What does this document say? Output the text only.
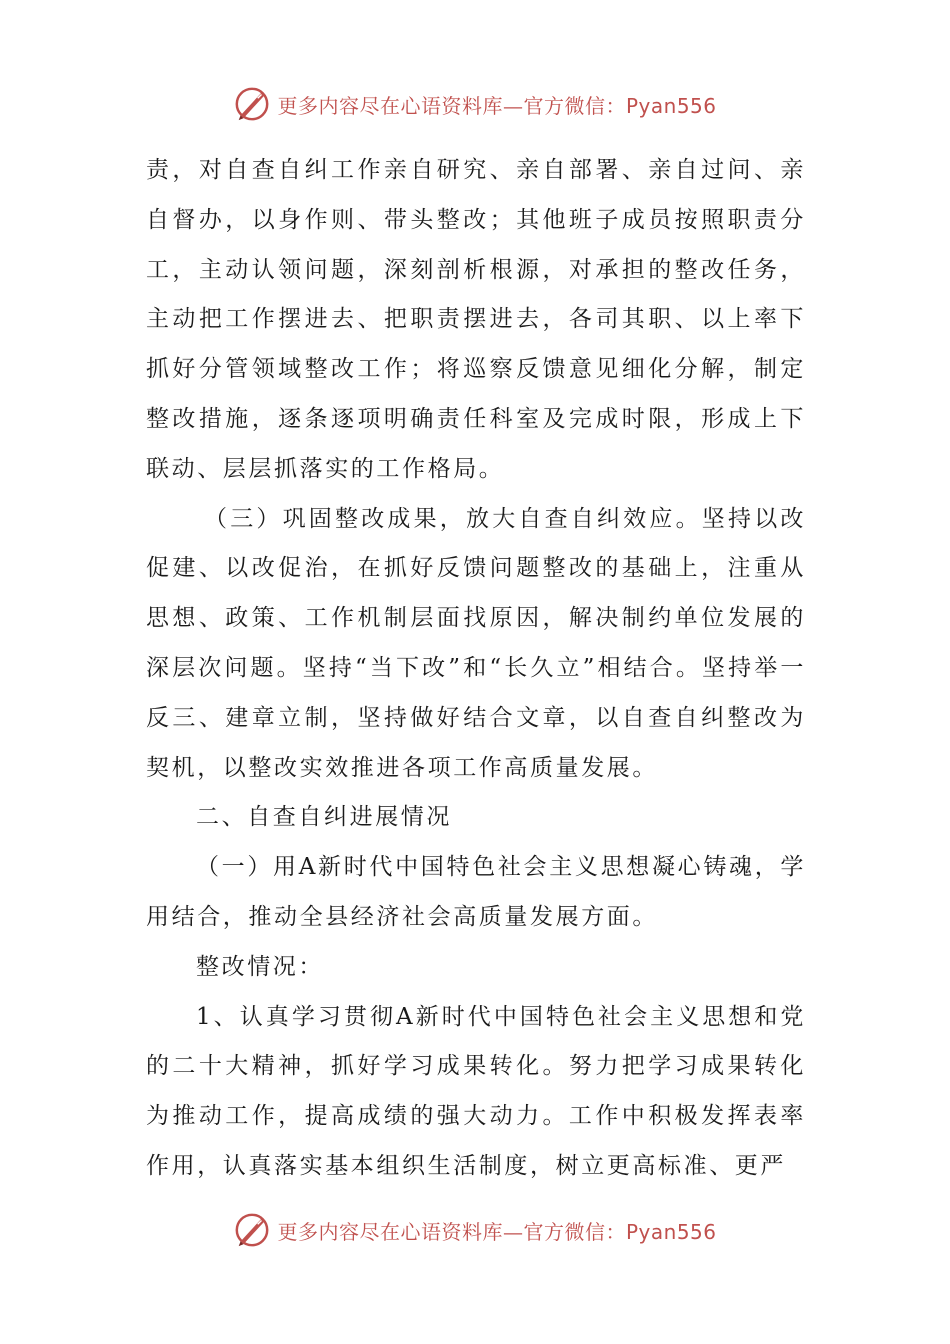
更多内容尽在心语资料库—官方微信：Pyan556

责，对自查自纠工作亲自研究、亲自部署、亲自过问、亲自督办，以身作则、带头整改；其他班子成员按照职责分工，主动认领问题，深刻剖析根源，对承担的整改任务，主动把工作摆进去、把职责摆进去，各司其职、以上率下抓好分管领域整改工作；将巡察反馈意见细化分解，制定整改措施，逐条逐项明确责任科室及完成时限，形成上下联动、层层抓落实的工作格局。

（三）巩固整改成果，放大自查自纠效应。坚持以改促建、以改促治，在抓好反馈问题整改的基础上，注重从思想、政策、工作机制层面找原因，解决制约单位发展的深层次问题。坚持“当下改”和“长久立”相结合。坚持举一反三、建章立制，坚持做好结合文章，以自查自纠整改为契机，以整改实效推进各项工作高质量发展。

二、自查自纠进展情况

（一）用A新时代中国特色社会主义思想凝心铸魂，学用结合，推动全县经济社会高质量发展方面。

整改情况：

1、认真学习贯彻A新时代中国特色社会主义思想和党的二十大精神，抓好学习成果转化。努力把学习成果转化为推动工作，提高成绩的强大动力。工作中积极发挥表率作用，认真落实基本组织生活制度，树立更高标准、更严

更多内容尽在心语资料库—官方微信：Pyan556
